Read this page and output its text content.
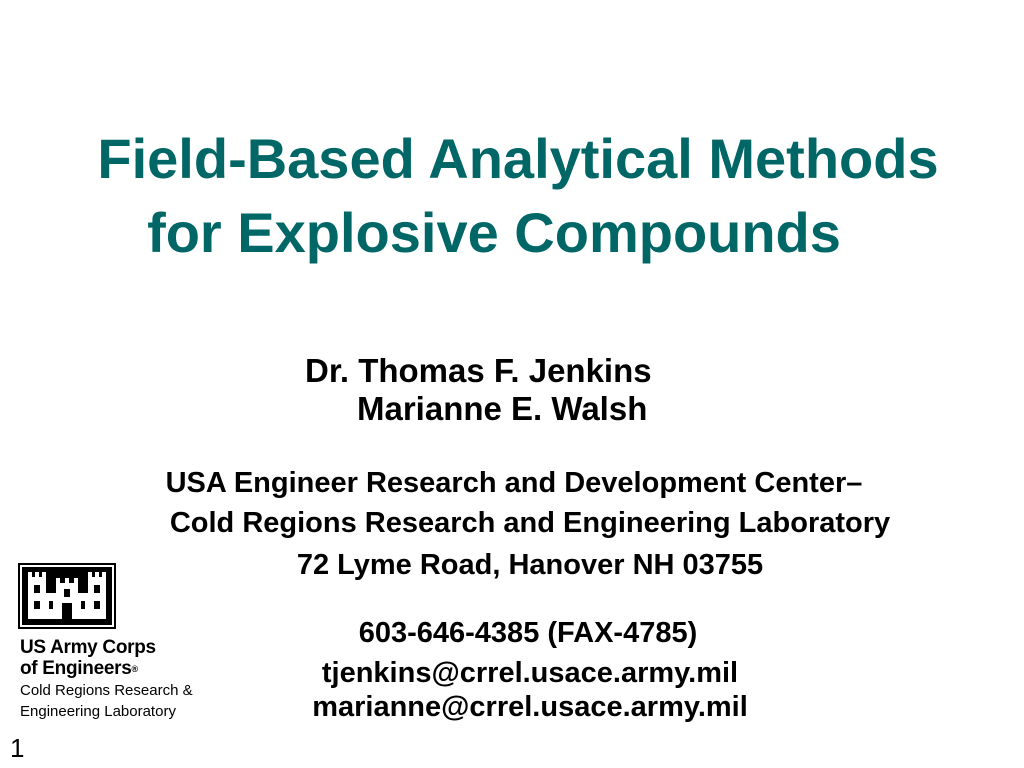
Field-Based Analytical Methods
for Explosive Compounds
Dr. Thomas F. Jenkins
Marianne E. Walsh
USA Engineer Research and Development Center–
Cold Regions Research and Engineering Laboratory
72 Lyme Road, Hanover NH 03755
603-646-4385 (FAX-4785)
tjenkins@crrel.usace.army.mil
marianne@crrel.usace.army.mil
US Army Corps
of Engineers®
Cold Regions Research &
Engineering Laboratory
1
